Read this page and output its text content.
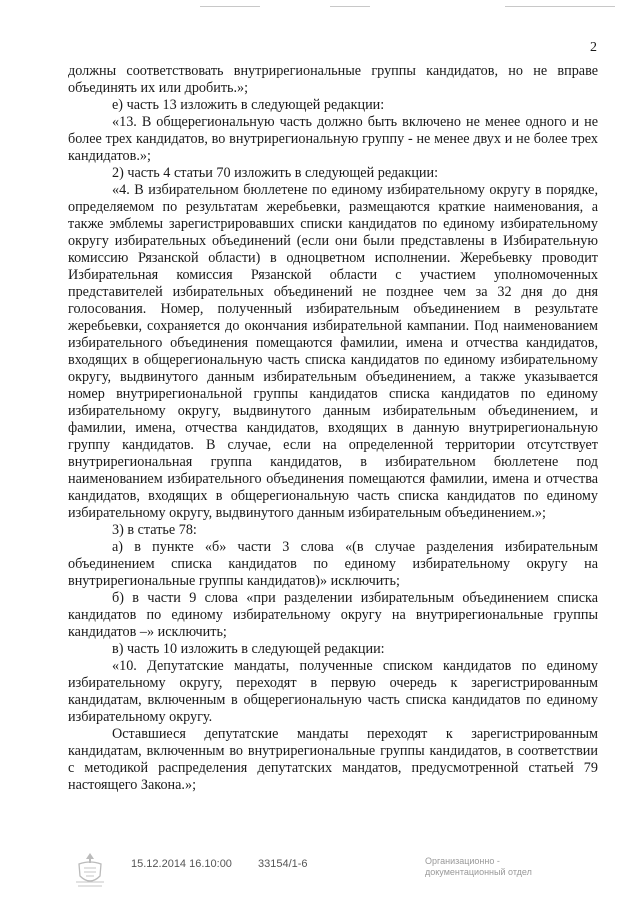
2

должны соответствовать внутрирегиональные группы кандидатов, но не вправе объединять их или дробить.»;

е) часть 13 изложить в следующей редакции:

«13. В общерегиональную часть должно быть включено не менее одного и не более трех кандидатов, во внутрирегиональную группу - не менее двух и не более трех кандидатов.»;

2) часть 4 статьи 70 изложить в следующей редакции:

«4. В избирательном бюллетене по единому избирательному округу в порядке, определяемом по результатам жеребьевки, размещаются краткие наименования, а также эмблемы зарегистрировавших списки кандидатов по единому избирательному округу избирательных объединений (если они были представлены в Избирательную комиссию Рязанской области) в одноцветном исполнении. Жеребьевку проводит Избирательная комиссия Рязанской области с участием уполномоченных представителей избирательных объединений не позднее чем за 32 дня до дня голосования. Номер, полученный избирательным объединением в результате жеребьевки, сохраняется до окончания избирательной кампании. Под наименованием избирательного объединения помещаются фамилии, имена и отчества кандидатов, входящих в общерегиональную часть списка кандидатов по единому избирательному округу, выдвинутого данным избирательным объединением, а также указывается номер внутрирегиональной группы кандидатов списка кандидатов по единому избирательному округу, выдвинутого данным избирательным объединением, и фамилии, имена, отчества кандидатов, входящих в данную внутрирегиональную группу кандидатов. В случае, если на определенной территории отсутствует внутрирегиональная группа кандидатов, в избирательном бюллетене под наименованием избирательного объединения помещаются фамилии, имена и отчества кандидатов, входящих в общерегиональную часть списка кандидатов по единому избирательному округу, выдвинутого данным избирательным объединением.»;

3) в статье 78:

а) в пункте «б» части 3 слова «(в случае разделения избирательным объединением списка кандидатов по единому избирательному округу на внутрирегиональные группы кандидатов)» исключить;

б) в части 9 слова «при разделении избирательным объединением списка кандидатов по единому избирательному округу на внутрирегиональные группы кандидатов –» исключить;

в) часть 10 изложить в следующей редакции:

«10. Депутатские мандаты, полученные списком кандидатов по единому избирательному округу, переходят в первую очередь к зарегистрированным кандидатам, включенным в общерегиональную часть списка кандидатов по единому избирательному округу.

Оставшиеся депутатские мандаты переходят к зарегистрированным кандидатам, включенным во внутрирегиональные группы кандидатов, в соответствии с методикой распределения депутатских мандатов, предусмотренной статьей 79 настоящего Закона.»;

15.12.2014 16.10:00 33154/1-6	Организационно -
документационный отдел
